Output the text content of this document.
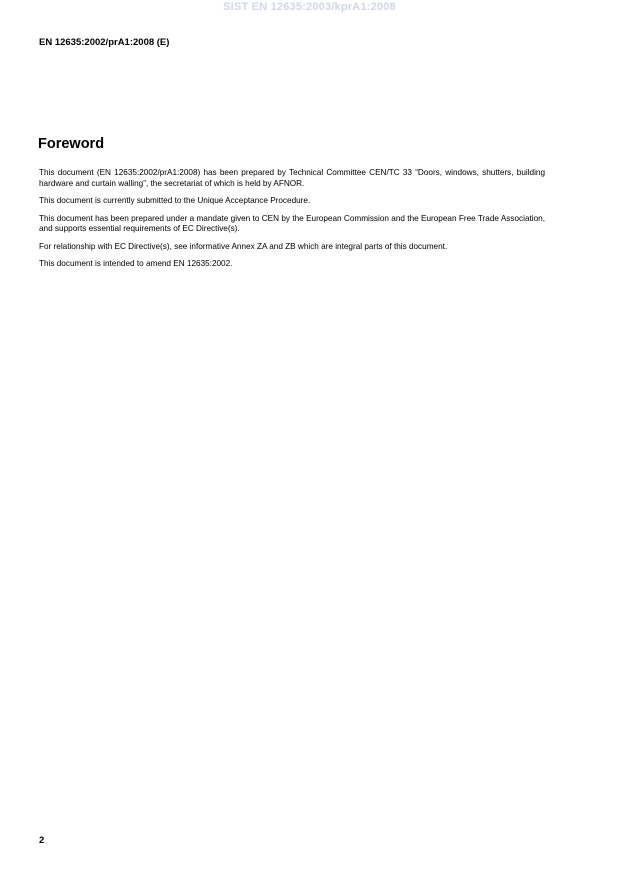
SIST EN 12635:2003/kprA1:2008
EN 12635:2002/prA1:2008 (E)
Foreword

This document (EN 12635:2002/prA1:2008) has been prepared by Technical Committee CEN/TC 33 “Doors, windows, shutters, building hardware and curtain walling”, the secretariat of which is held by AFNOR.

This document is currently submitted to the Unique Acceptance Procedure.

This document has been prepared under a mandate given to CEN by the European Commission and the European Free Trade Association, and supports essential requirements of EC Directive(s).

For relationship with EC Directive(s), see informative Annex ZA and ZB which are integral parts of this document.

This document is intended to amend EN 12635:2002.

2
